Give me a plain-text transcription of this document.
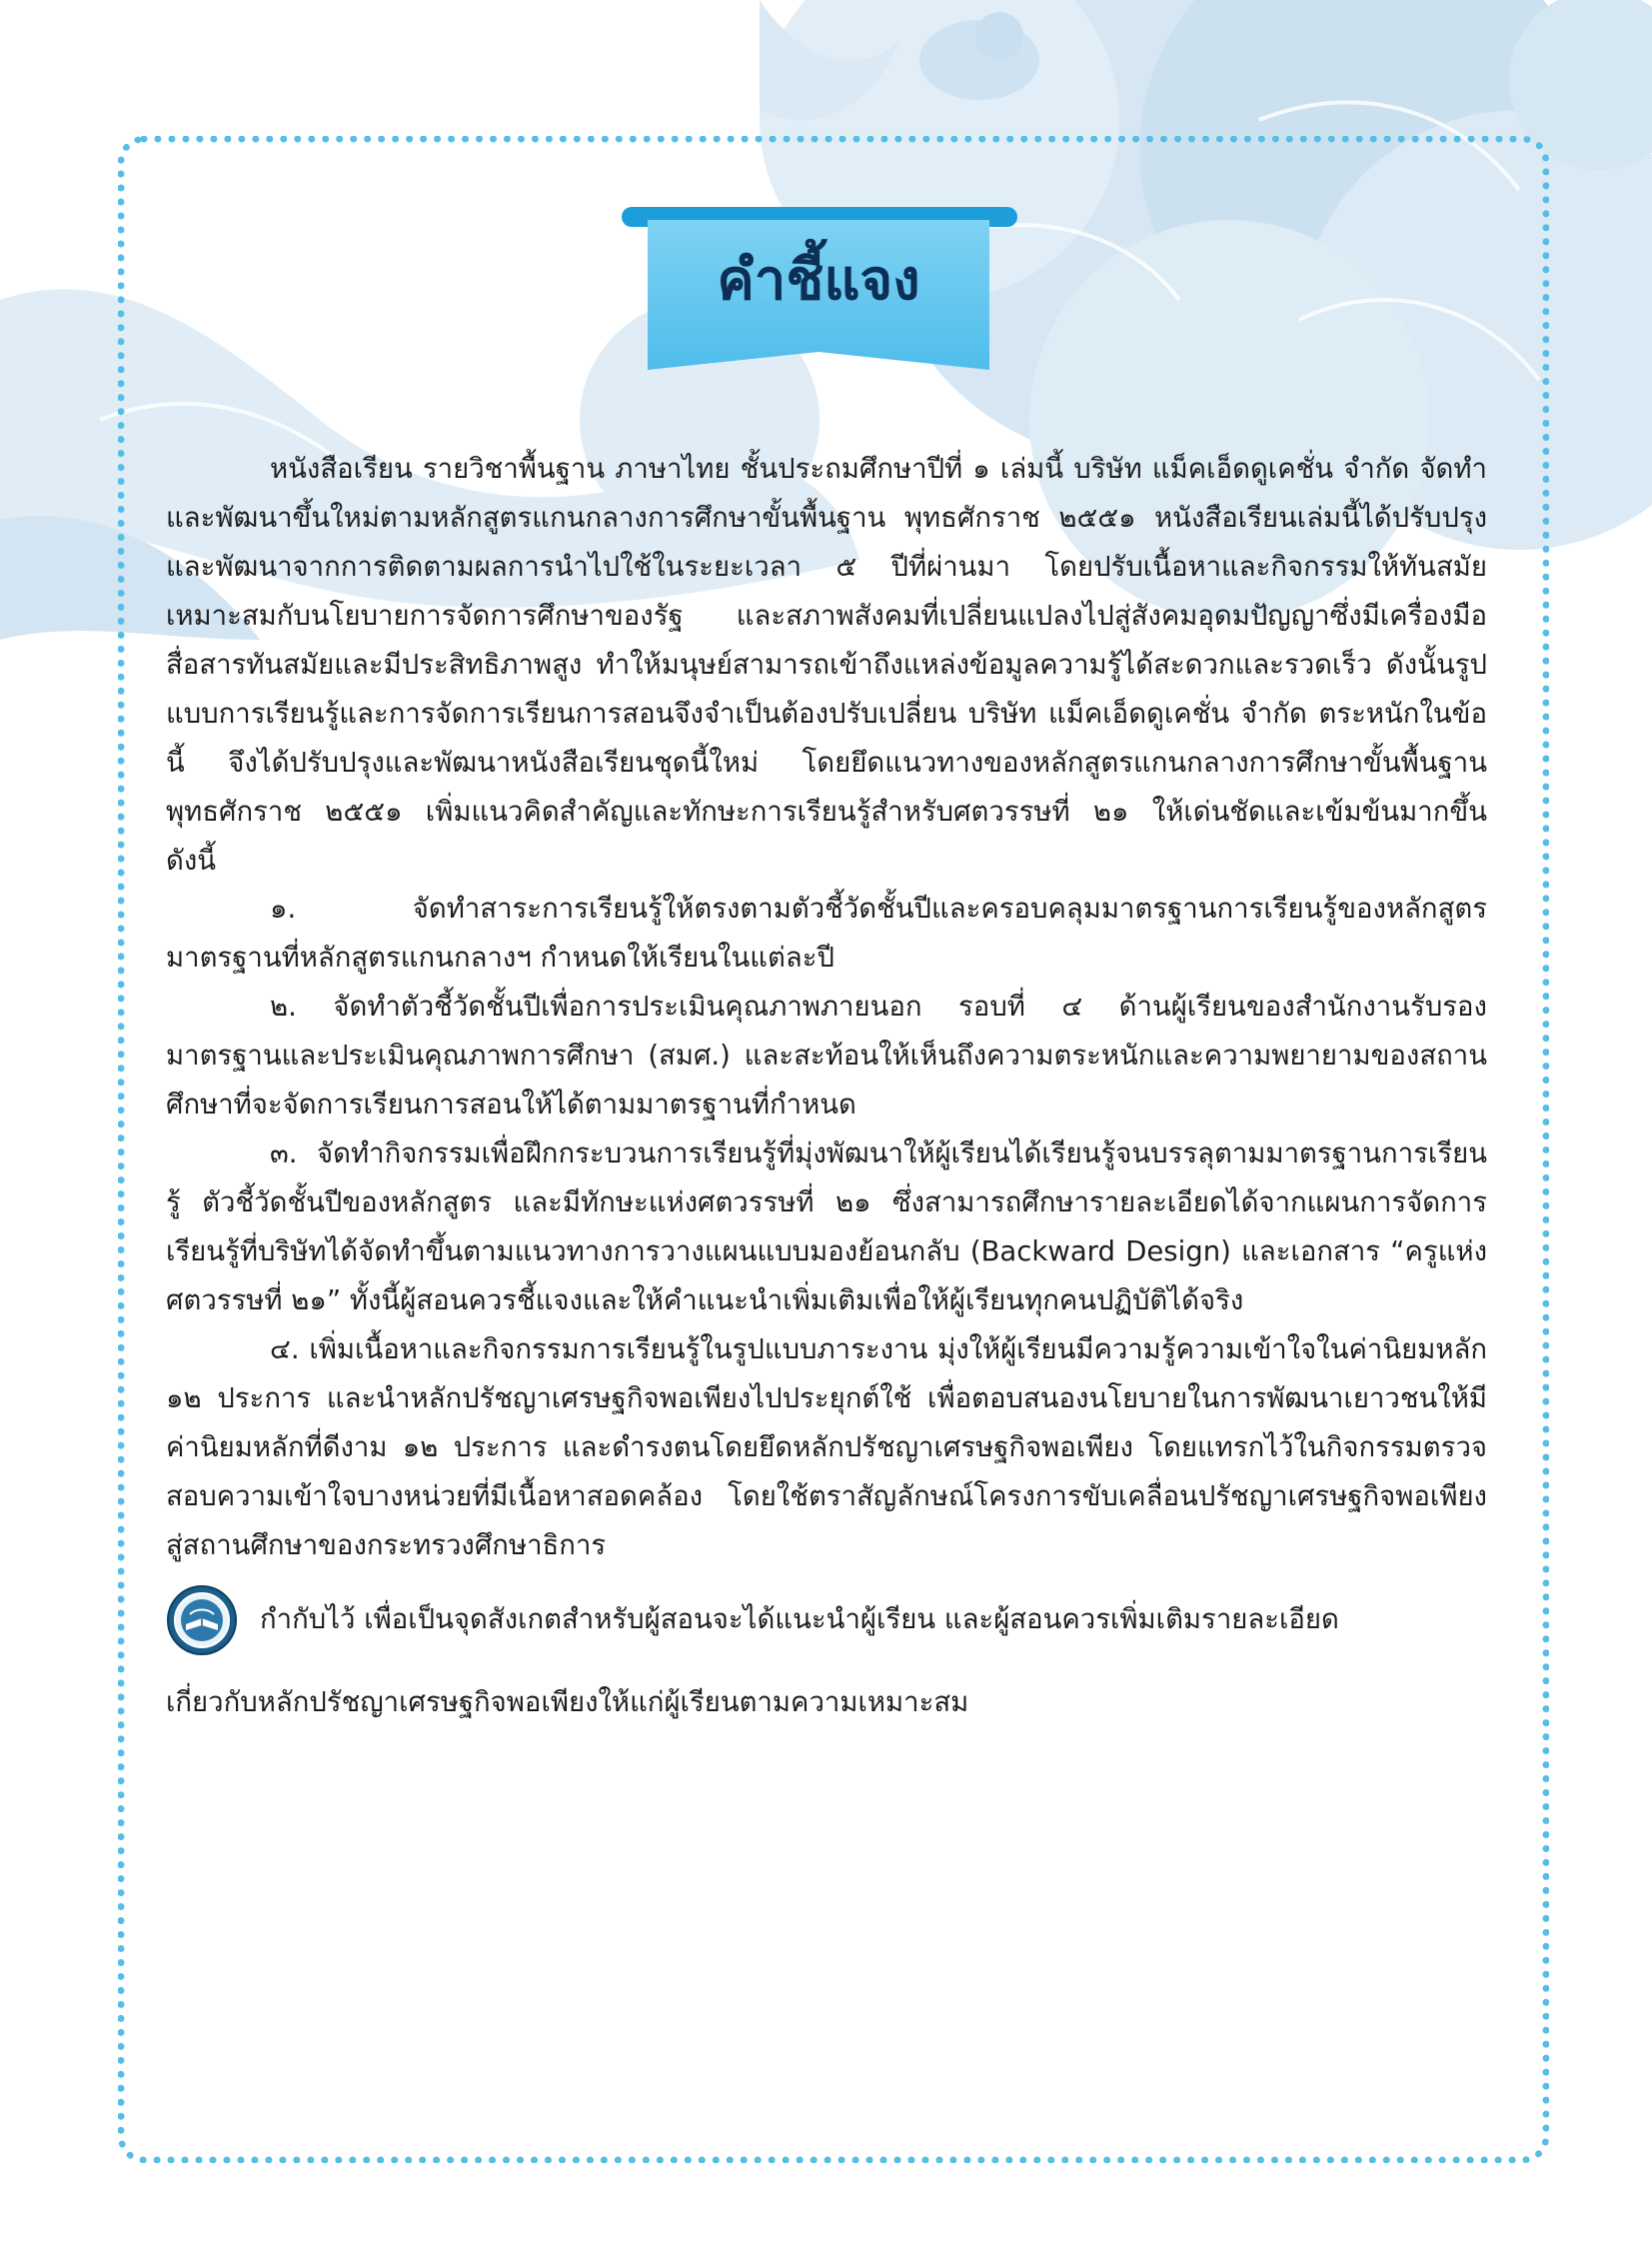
คำชี้แจง

หนังสือเรียน รายวิชาพื้นฐาน ภาษาไทย ชั้นประถมศึกษาปีที่ ๑ เล่มนี้ บริษัท แม็คเอ็ดดูเคชั่น จำกัด จัดทำและพัฒนาขึ้นใหม่ตามหลักสูตรแกนกลางการศึกษาขั้นพื้นฐาน พุทธศักราช ๒๕๕๑ หนังสือเรียนเล่มนี้ได้ปรับปรุงและพัฒนาจากการติดตามผลการนำไปใช้ในระยะเวลา ๕ ปีที่ผ่านมา โดยปรับเนื้อหาและกิจกรรมให้ทันสมัย เหมาะสมกับนโยบายการจัดการศึกษาของรัฐ และสภาพสังคมที่เปลี่ยนแปลงไปสู่สังคมอุดมปัญญาซึ่งมีเครื่องมือสื่อสารทันสมัยและมีประสิทธิภาพสูง ทำให้มนุษย์สามารถเข้าถึงแหล่งข้อมูลความรู้ได้สะดวกและรวดเร็ว ดังนั้นรูปแบบการเรียนรู้และการจัดการเรียนการสอนจึงจำเป็นต้องปรับเปลี่ยน บริษัท แม็คเอ็ดดูเคชั่น จำกัด ตระหนักในข้อนี้ จึงได้ปรับปรุงและพัฒนาหนังสือเรียนชุดนี้ใหม่ โดยยึดแนวทางของหลักสูตรแกนกลางการศึกษาขั้นพื้นฐาน พุทธศักราช ๒๕๕๑ เพิ่มแนวคิดสำคัญและทักษะการเรียนรู้สำหรับศตวรรษที่ ๒๑ ให้เด่นชัดและเข้มข้นมากขึ้น ดังนี้

๑. จัดทำสาระการเรียนรู้ให้ตรงตามตัวชี้วัดชั้นปีและครอบคลุมมาตรฐานการเรียนรู้ของหลักสูตร มาตรฐานที่หลักสูตรแกนกลางฯ กำหนดให้เรียนในแต่ละปี

๒. จัดทำตัวชี้วัดชั้นปีเพื่อการประเมินคุณภาพภายนอก รอบที่ ๔ ด้านผู้เรียนของสำนักงานรับรองมาตรฐานและประเมินคุณภาพการศึกษา (สมศ.) และสะท้อนให้เห็นถึงความตระหนักและความพยายามของสถานศึกษาที่จะจัดการเรียนการสอนให้ได้ตามมาตรฐานที่กำหนด

๓. จัดทำกิจกรรมเพื่อฝึกกระบวนการเรียนรู้ที่มุ่งพัฒนาให้ผู้เรียนได้เรียนรู้จนบรรลุตามมาตรฐานการเรียนรู้ ตัวชี้วัดชั้นปีของหลักสูตร และมีทักษะแห่งศตวรรษที่ ๒๑ ซึ่งสามารถศึกษารายละเอียดได้จากแผนการจัดการเรียนรู้ที่บริษัทได้จัดทำขึ้นตามแนวทางการวางแผนแบบมองย้อนกลับ (Backward Design) และเอกสาร “ครูแห่งศตวรรษที่ ๒๑” ทั้งนี้ผู้สอนควรชี้แจงและให้คำแนะนำเพิ่มเติมเพื่อให้ผู้เรียนทุกคนปฏิบัติได้จริง

๔. เพิ่มเนื้อหาและกิจกรรมการเรียนรู้ในรูปแบบภาระงาน มุ่งให้ผู้เรียนมีความรู้ความเข้าใจในค่านิยมหลัก ๑๒ ประการ และนำหลักปรัชญาเศรษฐกิจพอเพียงไปประยุกต์ใช้ เพื่อตอบสนองนโยบายในการพัฒนาเยาวชนให้มีค่านิยมหลักที่ดีงาม ๑๒ ประการ และดำรงตนโดยยึดหลักปรัชญาเศรษฐกิจพอเพียง โดยแทรกไว้ในกิจกรรมตรวจสอบความเข้าใจบางหน่วยที่มีเนื้อหาสอดคล้อง โดยใช้ตราสัญลักษณ์โครงการขับเคลื่อนปรัชญาเศรษฐกิจพอเพียงสู่สถานศึกษาของกระทรวงศึกษาธิการ

กำกับไว้ เพื่อเป็นจุดสังเกตสำหรับผู้สอนจะได้แนะนำผู้เรียน และผู้สอนควรเพิ่มเติมรายละเอียด

เกี่ยวกับหลักปรัชญาเศรษฐกิจพอเพียงให้แก่ผู้เรียนตามความเหมาะสม
